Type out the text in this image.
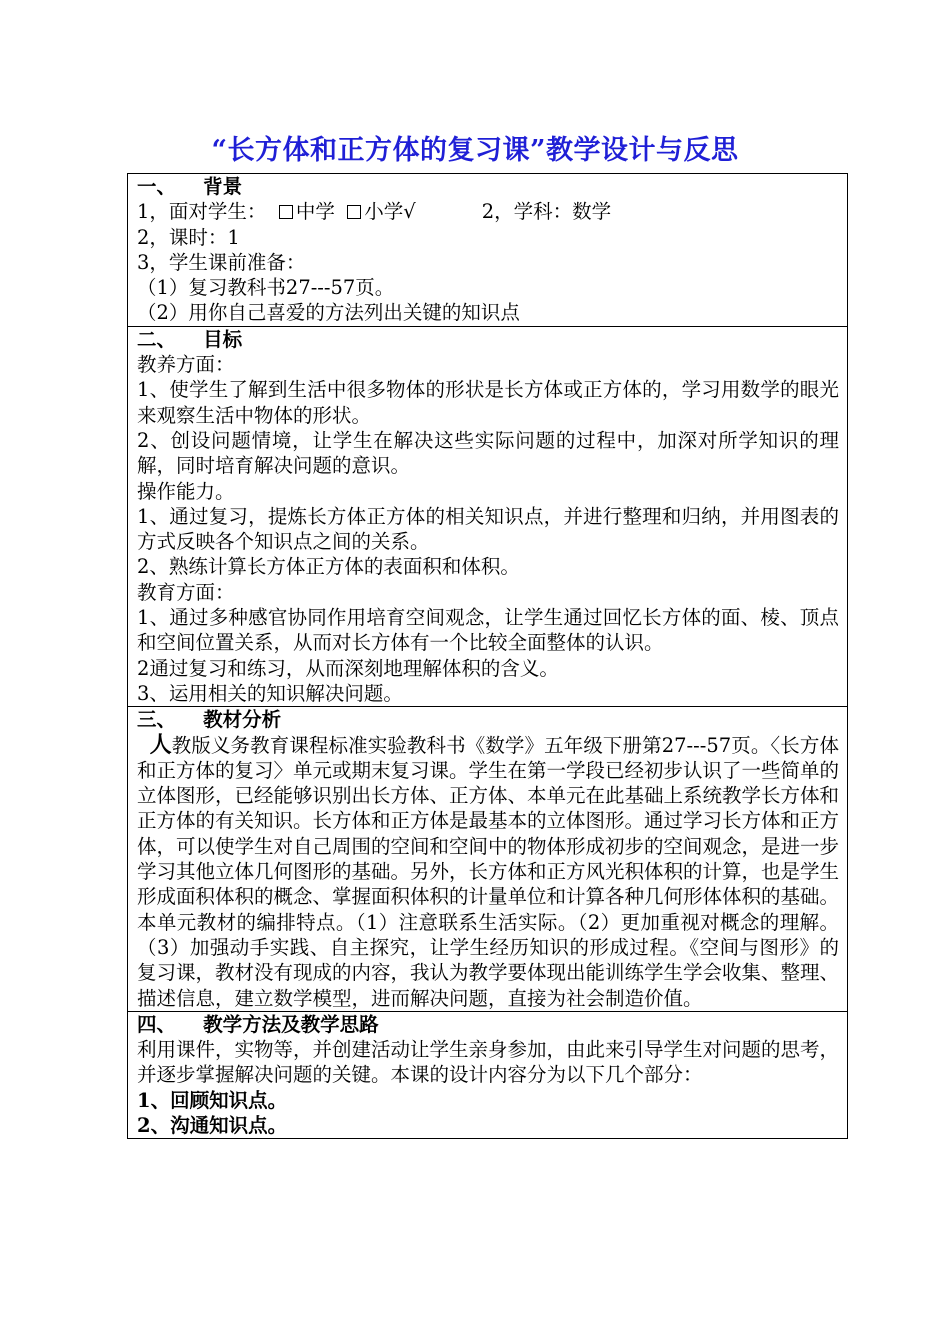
“长方体和正方体的复习课”教学设计与反思
一、    背景
1，面对学生： 中学 小学√	2，学科：数学
2，课时：1
3，学生课前准备：
（1）复习教科书27---57页。
（2）用你自己喜爱的方法列出关键的知识点

二、    目标
教养方面：
1、使学生了解到生活中很多物体的形状是长方体或正方体的，学习用数学的眼光来观察生活中物体的形状。
2、创设问题情境，让学生在解决这些实际问题的过程中，加深对所学知识的理解，同时培育解决问题的意识。
操作能力。
1、通过复习，提炼长方体正方体的相关知识点，并进行整理和归纳，并用图表的方式反映各个知识点之间的关系。
2、熟练计算长方体正方体的表面积和体积。
教育方面：
1、通过多种感官协同作用培育空间观念，让学生通过回忆长方体的面、棱、顶点和空间位置关系，从而对长方体有一个比较全面整体的认识。
2通过复习和练习，从而深刻地理解体积的含义。
3、运用相关的知识解决问题。

三、    教材分析
人教版义务教育课程标准实验教科书《数学》五年级下册第27---57页。〈长方体和正方体的复习〉单元或期末复习课。学生在第一学段已经初步认识了一些简单的立体图形，已经能够识别出长方体、正方体、本单元在此基础上系统教学长方体和正方体的有关知识。长方体和正方体是最基本的立体图形。通过学习长方体和正方体，可以使学生对自己周围的空间和空间中的物体形成初步的空间观念，是进一步学习其他立体几何图形的基础。另外，长方体和正方风光积体积的计算，也是学生形成面积体积的概念、掌握面积体积的计量单位和计算各种几何形体体积的基础。本单元教材的编排特点。（1）注意联系生活实际。（2）更加重视对概念的理解。（3）加强动手实践、自主探究，让学生经历知识的形成过程。《空间与图形》的复习课，教材没有现成的内容，我认为教学要体现出能训练学生学会收集、整理、描述信息，建立数学模型，进而解决问题，直接为社会制造价值。

四、    教学方法及教学思路
利用课件，实物等，并创建活动让学生亲身参加，由此来引导学生对问题的思考，并逐步掌握解决问题的关键。本课的设计内容分为以下几个部分：
1、回顾知识点。
2、沟通知识点。
